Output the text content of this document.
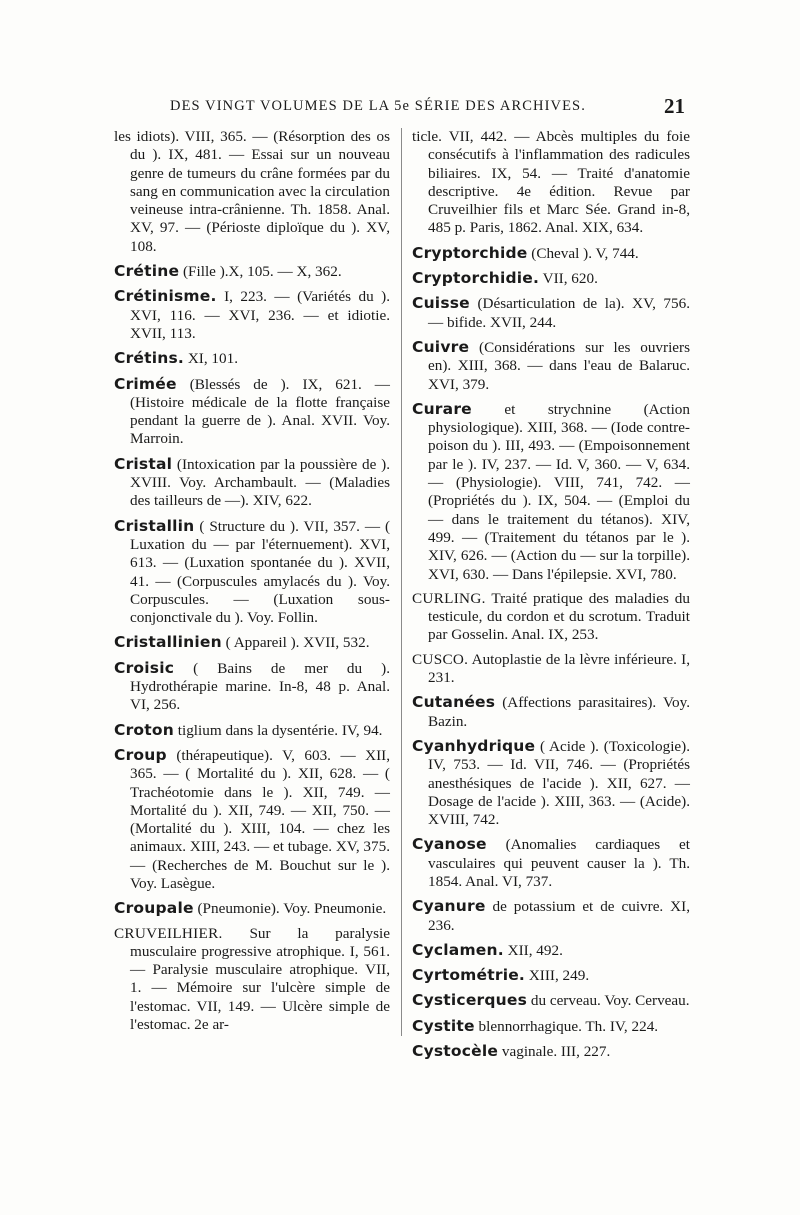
DES VINGT VOLUMES DE LA 5e SÉRIE DES ARCHIVES.	21

les idiots). VIII, 365. — (Résorption des os du ). IX, 481. — Essai sur un nouveau genre de tumeurs du crâne formées par du sang en communication avec la circulation veineuse intra-crânienne. Th. 1858. Anal. XV, 97. — (Périoste diploïque du ). XV, 108.

Crétine (Fille ).X, 105. — X, 362.

Crétinisme. I, 223. — (Variétés du ). XVI, 116. — XVI, 236. — et idiotie. XVII, 113.

Crétins. XI, 101.

Crimée (Blessés de ). IX, 621. — (Histoire médicale de la flotte française pendant la guerre de ). Anal. XVII. Voy. Marroin.

Cristal (Intoxication par la poussière de ). XVIII. Voy. Archambault. — (Maladies des tailleurs de —). XIV, 622.

Cristallin ( Structure du ). VII, 357. — ( Luxation du — par l'éternuement). XVI, 613. — (Luxation spontanée du ). XVII, 41. — (Corpuscules amylacés du ). Voy. Corpuscules. — (Luxation sous-conjonctivale du ). Voy. Follin.

Cristallinien ( Appareil ). XVII, 532.

Croisic ( Bains de mer du ). Hydrothérapie marine. In-8, 48 p. Anal. VI, 256.

Croton tiglium dans la dysentérie. IV, 94.

Croup (thérapeutique). V, 603. — XII, 365. — ( Mortalité du ). XII, 628. — ( Trachéotomie dans le ). XII, 749. — Mortalité du ). XII, 749. — XII, 750. — (Mortalité du ). XIII, 104. — chez les animaux. XIII, 243. — et tubage. XV, 375. — (Recherches de M. Bouchut sur le ). Voy. Lasègue.

Croupale (Pneumonie). Voy. Pneumonie.

CRUVEILHIER. Sur la paralysie musculaire progressive atrophique. I, 561. — Paralysie musculaire atrophique. VII, 1. — Mémoire sur l'ulcère simple de l'estomac. VII, 149. — Ulcère simple de l'estomac. 2e ar-

ticle. VII, 442. — Abcès multiples du foie consécutifs à l'inflammation des radicules biliaires. IX, 54. — Traité d'anatomie descriptive. 4e édition. Revue par Cruveilhier fils et Marc Sée. Grand in-8, 485 p. Paris, 1862. Anal. XIX, 634.

Cryptorchide (Cheval ). V, 744.

Cryptorchidie. VII, 620.

Cuisse (Désarticulation de la). XV, 756. — bifide. XVII, 244.

Cuivre (Considérations sur les ouvriers en). XIII, 368. — dans l'eau de Balaruc. XVI, 379.

Curare et strychnine (Action physiologique). XIII, 368. — (Iode contre-poison du ). III, 493. — (Empoisonnement par le ). IV, 237. — Id. V, 360. — V, 634. — (Physiologie). VIII, 741, 742. — (Propriétés du ). IX, 504. — (Emploi du — dans le traitement du tétanos). XIV, 499. — (Traitement du tétanos par le ). XIV, 626. — (Action du — sur la torpille). XVI, 630. — Dans l'épilepsie. XVI, 780.

CURLING. Traité pratique des maladies du testicule, du cordon et du scrotum. Traduit par Gosselin. Anal. IX, 253.

CUSCO. Autoplastie de la lèvre inférieure. I, 231.

Cutanées (Affections parasitaires). Voy. Bazin.

Cyanhydrique ( Acide ). (Toxicologie). IV, 753. — Id. VII, 746. — (Propriétés anesthésiques de l'acide ). XII, 627. — Dosage de l'acide ). XIII, 363. — (Acide). XVIII, 742.

Cyanose (Anomalies cardiaques et vasculaires qui peuvent causer la ). Th. 1854. Anal. VI, 737.

Cyanure de potassium et de cuivre. XI, 236.

Cyclamen. XII, 492.

Cyrtométrie. XIII, 249.

Cysticerques du cerveau. Voy. Cerveau.

Cystite blennorrhagique. Th. IV, 224.

Cystocèle vaginale. III, 227.
